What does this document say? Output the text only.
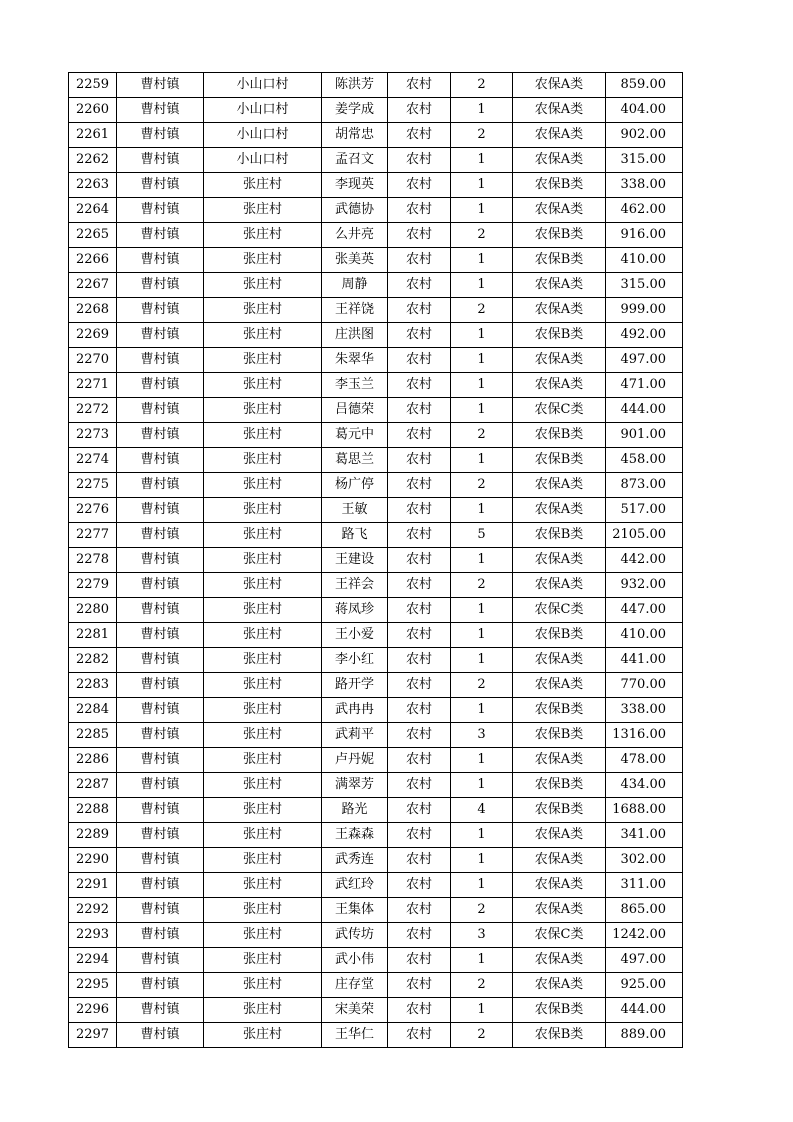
2259	曹村镇	小山口村	陈洪芳	农村	2	农保A类	859.00
2260	曹村镇	小山口村	姜学成	农村	1	农保A类	404.00
2261	曹村镇	小山口村	胡常忠	农村	2	农保A类	902.00
2262	曹村镇	小山口村	孟召文	农村	1	农保A类	315.00
2263	曹村镇	张庄村	李现英	农村	1	农保B类	338.00
2264	曹村镇	张庄村	武德协	农村	1	农保A类	462.00
2265	曹村镇	张庄村	么井亮	农村	2	农保B类	916.00
2266	曹村镇	张庄村	张美英	农村	1	农保B类	410.00
2267	曹村镇	张庄村	周静	农村	1	农保A类	315.00
2268	曹村镇	张庄村	王祥饶	农村	2	农保A类	999.00
2269	曹村镇	张庄村	庄洪图	农村	1	农保B类	492.00
2270	曹村镇	张庄村	朱翠华	农村	1	农保A类	497.00
2271	曹村镇	张庄村	李玉兰	农村	1	农保A类	471.00
2272	曹村镇	张庄村	吕德荣	农村	1	农保C类	444.00
2273	曹村镇	张庄村	葛元中	农村	2	农保B类	901.00
2274	曹村镇	张庄村	葛思兰	农村	1	农保B类	458.00
2275	曹村镇	张庄村	杨广停	农村	2	农保A类	873.00
2276	曹村镇	张庄村	王敏	农村	1	农保A类	517.00
2277	曹村镇	张庄村	路飞	农村	5	农保B类	2105.00
2278	曹村镇	张庄村	王建设	农村	1	农保A类	442.00
2279	曹村镇	张庄村	王祥会	农村	2	农保A类	932.00
2280	曹村镇	张庄村	蒋凤珍	农村	1	农保C类	447.00
2281	曹村镇	张庄村	王小爱	农村	1	农保B类	410.00
2282	曹村镇	张庄村	李小红	农村	1	农保A类	441.00
2283	曹村镇	张庄村	路开学	农村	2	农保A类	770.00
2284	曹村镇	张庄村	武冉冉	农村	1	农保B类	338.00
2285	曹村镇	张庄村	武莉平	农村	3	农保B类	1316.00
2286	曹村镇	张庄村	卢丹妮	农村	1	农保A类	478.00
2287	曹村镇	张庄村	满翠芳	农村	1	农保B类	434.00
2288	曹村镇	张庄村	路光	农村	4	农保B类	1688.00
2289	曹村镇	张庄村	王森森	农村	1	农保A类	341.00
2290	曹村镇	张庄村	武秀连	农村	1	农保A类	302.00
2291	曹村镇	张庄村	武红玲	农村	1	农保A类	311.00
2292	曹村镇	张庄村	王集体	农村	2	农保A类	865.00
2293	曹村镇	张庄村	武传坊	农村	3	农保C类	1242.00
2294	曹村镇	张庄村	武小伟	农村	1	农保A类	497.00
2295	曹村镇	张庄村	庄存堂	农村	2	农保A类	925.00
2296	曹村镇	张庄村	宋美荣	农村	1	农保B类	444.00
2297	曹村镇	张庄村	王华仁	农村	2	农保B类	889.00
